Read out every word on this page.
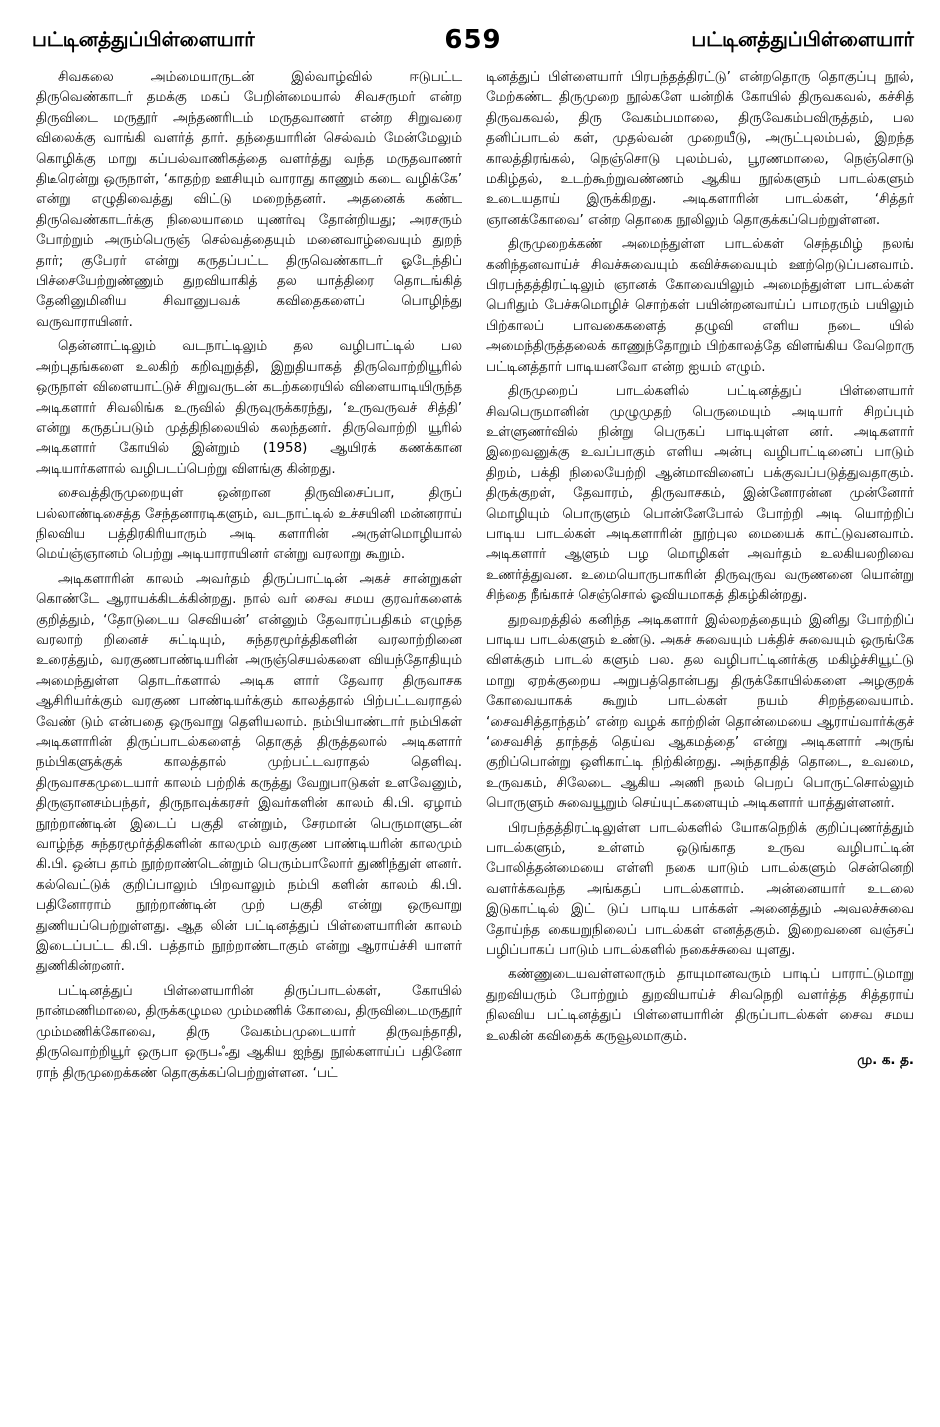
பட்டினத்துப்பிள்ளையார்	659	பட்டினத்துப்பிள்ளையார்

சிவகலை அம்மையாருடன் இல்வாழ்வில் ஈடுபட்ட திருவெண்காடர் தமக்கு மகப் பேறின்மையால் சிவசருமர் என்ற திருவிடை மருதூர் அந்தணரிடம் மருதவாணர் என்ற சிறுவரை விலைக்கு வாங்கி வளர்த் தார். தந்தையாரின் செல்வம் மேன்மேலும் கொழிக்கு மாறு கப்பல்வாணிகத்தை வளர்த்து வந்த மருதவாணர் திடீரென்று ஒருநாள், ‘காதற்ற ஊசியும் வாராது காணும் கடை வழிக்கே’ என்று எழுதிவைத்து விட்டு மறைந்தனர். அதனைக் கண்ட திருவெண்காடர்க்கு நிலையாமை யுணர்வு தோன்றியது; அரசரும் போற்றும் அரும்பெருஞ் செல்வத்தையும் மனைவாழ்வையும் துறந் தார்; குபேரர் என்று கருதப்பட்ட திருவெண்காடர் ஓடேந்திப் பிச்சையேற்றுண்ணும் துறவியாகித் தல யாத்திரை தொடங்கித் தேனினுமினிய சிவானுபவக் கவிதைகளைப் பொழிந்து வருவாராயினர்.

தென்னாட்டிலும் வடநாட்டிலும் தல வழிபாட்டில் பல அற்புதங்களை உலகிற் கறிவுறுத்தி, இறுதியாகத் திருவொற்றியூரில் ஒருநாள் விளையாட்டுச் சிறுவருடன் கடற்கரையில் விளையாடியிருந்த அடிகளார் சிவலிங்க உருவில் திருவுருக்கரந்து, ‘உருவருவச் சித்தி’ என்று கருதப்படும் முத்திநிலையில் கலந்தனர். திருவொற்றி யூரில் அடிகளார் கோயில் இன்றும் (1958) ஆயிரக் கணக்கான அடியார்களால் வழிபடப்பெற்று விளங்கு கின்றது.

சைவத்திருமுறையுள் ஒன்றான திருவிசைப்பா, திருப் பல்லாண்டிசைத்த சேந்தனாரடிகளும், வடநாட்டில் உச்சயினி மன்னராய் நிலவிய பத்திரகிரியாரும் அடி களாரின் அருள்மொழியால் மெய்ஞ்ஞானம் பெற்று அடியாராயினர் என்று வரலாறு கூறும்.

அடிகளாரின் காலம் அவர்தம் திருப்பாட்டின் அகச் சான்றுகள் கொண்டே ஆராயக்கிடக்கின்றது. நால் வர் சைவ சமய குரவர்களைக் குறித்தும், ‘தோடுடைய செவியன்’ என்னும் தேவாரப்பதிகம் எழுந்த வரலாற் றினைச் சுட்டியும், சுந்தரமூர்த்திகளின் வரலாற்றினை உரைத்தும், வரகுணபாண்டியரின் அருஞ்செயல்களை வியந்தோதியும் அமைந்துள்ள தொடர்களால் அடிக ளார் தேவார திருவாசக ஆசிரியர்க்கும் வரகுண பாண்டியர்க்கும் காலத்தால் பிற்பட்டவராதல் வேண் டும் என்பதை ஒருவாறு தெளியலாம். நம்பியாண்டார் நம்பிகள் அடிகளாரின் திருப்பாடல்களைத் தொகுத் திருத்தலால் அடிகளார் நம்பிகளுக்குக் காலத்தால் முற்பட்டவராதல் தெளிவு. திருவாசகமுடையார் காலம் பற்றிக் கருத்து வேறுபாடுகள் உளவேனும், திருஞானசம்பந்தர், திருநாவுக்கரசர் இவர்களின் காலம் கி.பி. ஏழாம் நூற்றாண்டின் இடைப் பகுதி என்றும், சேரமான் பெருமாளுடன் வாழ்ந்த சுந்தரமூர்த்திகளின் காலமும் வரகுண பாண்டியரின் காலமும் கி.பி. ஒன்ப தாம் நூற்றாண்டென்றும் பெரும்பாலோர் துணிந்துள் ளனர். கல்வெட்டுக் குறிப்பாலும் பிறவாலும் நம்பி களின் காலம் கி.பி. பதினோராம் நூற்றாண்டின் முற் பகுதி என்று ஒருவாறு துணியப்பெற்றுள்ளது. ஆத லின் பட்டினத்துப் பிள்ளையாரின் காலம் இடைப்பட்ட கி.பி. பத்தாம் நூற்றாண்டாகும் என்று ஆராய்ச்சி யாளர் துணிகின்றனர்.

பட்டினத்துப் பிள்ளையாரின் திருப்பாடல்கள், கோயில் நான்மணிமாலை, திருக்கழுமல மும்மணிக் கோவை, திருவிடைமருதூர் மும்மணிக்கோவை, திரு வேகம்பமுடையார் திருவந்தாதி, திருவொற்றியூர் ஒருபா ஒருபஃது ஆகிய ஐந்து நூல்களாய்ப் பதினோ ராந் திருமுறைக்கண் தொகுக்கப்பெற்றுள்ளன. ‘பட்

டினத்துப் பிள்ளையார் பிரபந்தத்திரட்டு’ என்றதொரு தொகுப்பு நூல், மேற்கண்ட திருமுறை நூல்களே யன்றிக் கோயில் திருவகவல், கச்சித் திருவகவல், திரு வேகம்பமாலை, திருவேகம்பவிருத்தம், பல தனிப்பாடல் கள், முதல்வன் முறையீடு, அருட்புலம்பல், இறந்த காலத்திரங்கல், நெஞ்சொடு புலம்பல், பூரணமாலை, நெஞ்சொடு மகிழ்தல், உடற்கூற்றுவண்ணம் ஆகிய நூல்களும் பாடல்களும் உடையதாய் இருக்கிறது. அடிகளாரின் பாடல்கள், ‘சித்தர் ஞானக்கோவை’ என்ற தொகை நூலிலும் தொகுக்கப்பெற்றுள்ளன.

திருமுறைக்கண் அமைந்துள்ள பாடல்கள் செந்தமிழ் நலங் கனிந்தனவாய்ச் சிவச்சுவையும் கவிச்சுவையும் ஊற்றெடுப்பனவாம். பிரபந்தத்திரட்டிலும் ஞானக் கோவையிலும் அமைந்துள்ள பாடல்கள் பெரிதும் பேச்சுமொழிச் சொற்கள் பயின்றனவாய்ப் பாமரரும் பயிலும் பிற்காலப் பாவகைகளைத் தழுவி எளிய நடை யில் அமைந்திருத்தலைக் காணுந்தோறும் பிற்காலத்தே விளங்கிய வேறொரு பட்டினத்தார் பாடியனவோ என்ற ஐயம் எழும்.

திருமுறைப் பாடல்களில் பட்டினத்துப் பிள்ளையார் சிவபெருமானின் முழுமுதற் பெருமையும் அடியார் சிறப்பும் உள்ளுணர்வில் நின்று பெருகப் பாடியுள்ள னர். அடிகளார் இறைவனுக்கு உவப்பாகும் எளிய அன்பு வழிபாட்டினைப் பாடும் திறம், பக்தி நிலையேற்றி ஆன்மாவினைப் பக்குவப்படுத்துவதாகும். திருக்குறள், தேவாரம், திருவாசகம், இன்னோரன்ன முன்னோர் மொழியும் பொருளும் பொன்னேபோல் போற்றி அடி யொற்றிப் பாடிய பாடல்கள் அடிகளாரின் நூற்புல மையைக் காட்டுவனவாம். அடிகளார் ஆளும் பழ மொழிகள் அவர்தம் உலகியலறிவை உணர்த்துவன. உமையொருபாகரின் திருவுருவ வருணனை யொன்று சிந்தை நீங்காச் செஞ்சொல் ஓவியமாகத் திகழ்கின்றது.

துறவறத்தில் கனிந்த அடிகளார் இல்லறத்தையும் இனிது போற்றிப் பாடிய பாடல்களும் உண்டு. அகச் சுவையும் பக்திச் சுவையும் ஒருங்கே விளக்கும் பாடல் களும் பல. தல வழிபாட்டினர்க்கு மகிழ்ச்சியூட்டு மாறு ஏறக்குறைய அறுபத்தொன்பது திருக்கோயில்களை அழகுறக் கோவையாகக் கூறும் பாடல்கள் நயம் சிறந்தவையாம். ‘சைவசித்தாந்தம்’ என்ற வழக் காற்றின் தொன்மையை ஆராய்வார்க்குச் ‘சைவசித் தாந்தத் தெய்வ ஆகமத்தை’ என்று அடிகளார் அருங் குறிப்பொன்று ஒளிகாட்டி நிற்கின்றது. அந்தாதித் தொடை, உவமை, உருவகம், சிலேடை ஆகிய அணி நலம் பெறப் பொருட்சொல்லும் பொருளும் சுவையூறும் செய்யுட்களையும் அடிகளார் யாத்துள்ளனர்.

பிரபந்தத்திரட்டிலுள்ள பாடல்களில் யோகநெறிக் குறிப்புணர்த்தும் பாடல்களும், உள்ளம் ஒடுங்காத உருவ வழிபாட்டின் போலித்தன்மையை எள்ளி நகை யாடும் பாடல்களும் சென்னெறி வளர்க்கவந்த அங்கதப் பாடல்களாம். அன்னையார் உடலை இடுகாட்டில் இட் டுப் பாடிய பாக்கள் அனைத்தும் அவலச்சுவை தோய்ந்த கையறுநிலைப் பாடல்கள் எனத்தகும். இறைவனை வஞ்சப் பழிப்பாகப் பாடும் பாடல்களில் நகைச்சுவை யுளது.

கண்ணுடையவள்ளலாரும் தாயுமானவரும் பாடிப் பாராட்டுமாறு துறவியரும் போற்றும் துறவியாய்ச் சிவநெறி வளர்த்த சித்தராய் நிலவிய பட்டினத்துப் பிள்ளையாரின் திருப்பாடல்கள் சைவ சமய உலகின் கவிதைக் கருவூலமாகும்.

மு. க. த.
